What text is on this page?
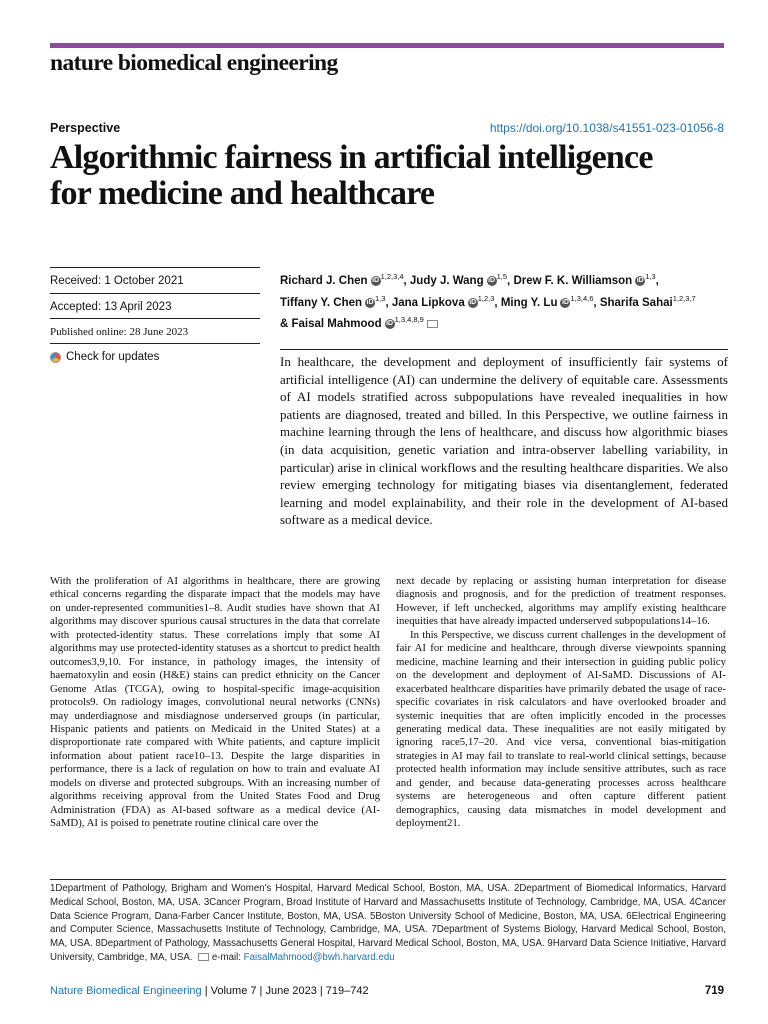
nature biomedical engineering
Perspective	https://doi.org/10.1038/s41551-023-01056-8
Algorithmic fairness in artificial intelligence
for medicine and healthcare
Received: 1 October 2021
Accepted: 13 April 2023
Published online: 28 June 2023
Check for updates
Richard J. Chen iD $^{1,2,3,4}$, Judy J. Wang iD $^{1,5}$, Drew F. K. Williamson iD $^{1,3}$,
Tiffany Y. Chen iD $^{1,3}$, Jana Lipkova iD $^{1,2,3}$, Ming Y. Lu iD $^{1,3,4,6}$, Sharifa Sahai$^{1,2,3,7}$
& Faisal Mahmood iD $^{1,3,4,8,9}$

In healthcare, the development and deployment of insufficiently fair systems of artificial intelligence (AI) can undermine the delivery of equitable care. Assessments of AI models stratified across subpopulations have revealed inequalities in how patients are diagnosed, treated and billed. In this Perspective, we outline fairness in machine learning through the lens of healthcare, and discuss how algorithmic biases (in data acquisition, genetic variation and intra-observer labelling variability, in particular) arise in clinical workflows and the resulting healthcare disparities. We also review emerging technology for mitigating biases via disentanglement, federated learning and model explainability, and their role in the development of AI-based software as a medical device.

With the proliferation of AI algorithms in healthcare, there are growing ethical concerns regarding the disparate impact that the models may have on under-represented communities1–8. Audit studies have shown that AI algorithms may discover spurious causal structures in the data that correlate with protected-identity status. These correlations imply that some AI algorithms may use protected-identity statuses as a shortcut to predict health outcomes3,9,10. For instance, in pathology images, the intensity of haematoxylin and eosin (H&E) stains can predict ethnicity on the Cancer Genome Atlas (TCGA), owing to hospital-specific image-acquisition protocols9. On radiology images, convolutional neural networks (CNNs) may underdiagnose and misdiagnose underserved groups (in particular, Hispanic patients and patients on Medicaid in the United States) at a disproportionate rate compared with White patients, and capture implicit information about patient race10–13. Despite the large disparities in performance, there is a lack of regulation on how to train and evaluate AI models on diverse and protected subgroups. With an increasing number of algorithms receiving approval from the United States Food and Drug Administration (FDA) as AI-based software as a medical device (AI-SaMD), AI is poised to penetrate routine clinical care over the

next decade by replacing or assisting human interpretation for disease diagnosis and prognosis, and for the prediction of treatment responses. However, if left unchecked, algorithms may amplify existing healthcare inequities that have already impacted underserved subpopulations14–16.

In this Perspective, we discuss current challenges in the development of fair AI for medicine and healthcare, through diverse viewpoints spanning medicine, machine learning and their intersection in guiding public policy on the development and deployment of AI-SaMD. Discussions of AI-exacerbated healthcare disparities have primarily debated the usage of race-specific covariates in risk calculators and have overlooked broader and systemic inequities that are often implicitly encoded in the processes generating medical data. These inequalities are not easily mitigated by ignoring race5,17–20. And vice versa, conventional bias-mitigation strategies in AI may fail to translate to real-world clinical settings, because protected health information may include sensitive attributes, such as race and gender, and because data-generating processes across healthcare systems are heterogeneous and often capture different patient demographics, causing data mismatches in model development and deployment21.

1Department of Pathology, Brigham and Women's Hospital, Harvard Medical School, Boston, MA, USA. 2Department of Biomedical Informatics, Harvard Medical School, Boston, MA, USA. 3Cancer Program, Broad Institute of Harvard and Massachusetts Institute of Technology, Cambridge, MA, USA. 4Cancer Data Science Program, Dana-Farber Cancer Institute, Boston, MA, USA. 5Boston University School of Medicine, Boston, MA, USA. 6Electrical Engineering and Computer Science, Massachusetts Institute of Technology, Cambridge, MA, USA. 7Department of Systems Biology, Harvard Medical School, Boston, MA, USA. 8Department of Pathology, Massachusetts General Hospital, Harvard Medical School, Boston, MA, USA. 9Harvard Data Science Initiative, Harvard University, Cambridge, MA, USA. e-mail: FaisalMahmood@bwh.harvard.edu
Nature Biomedical Engineering | Volume 7 | June 2023 | 719–742	719
